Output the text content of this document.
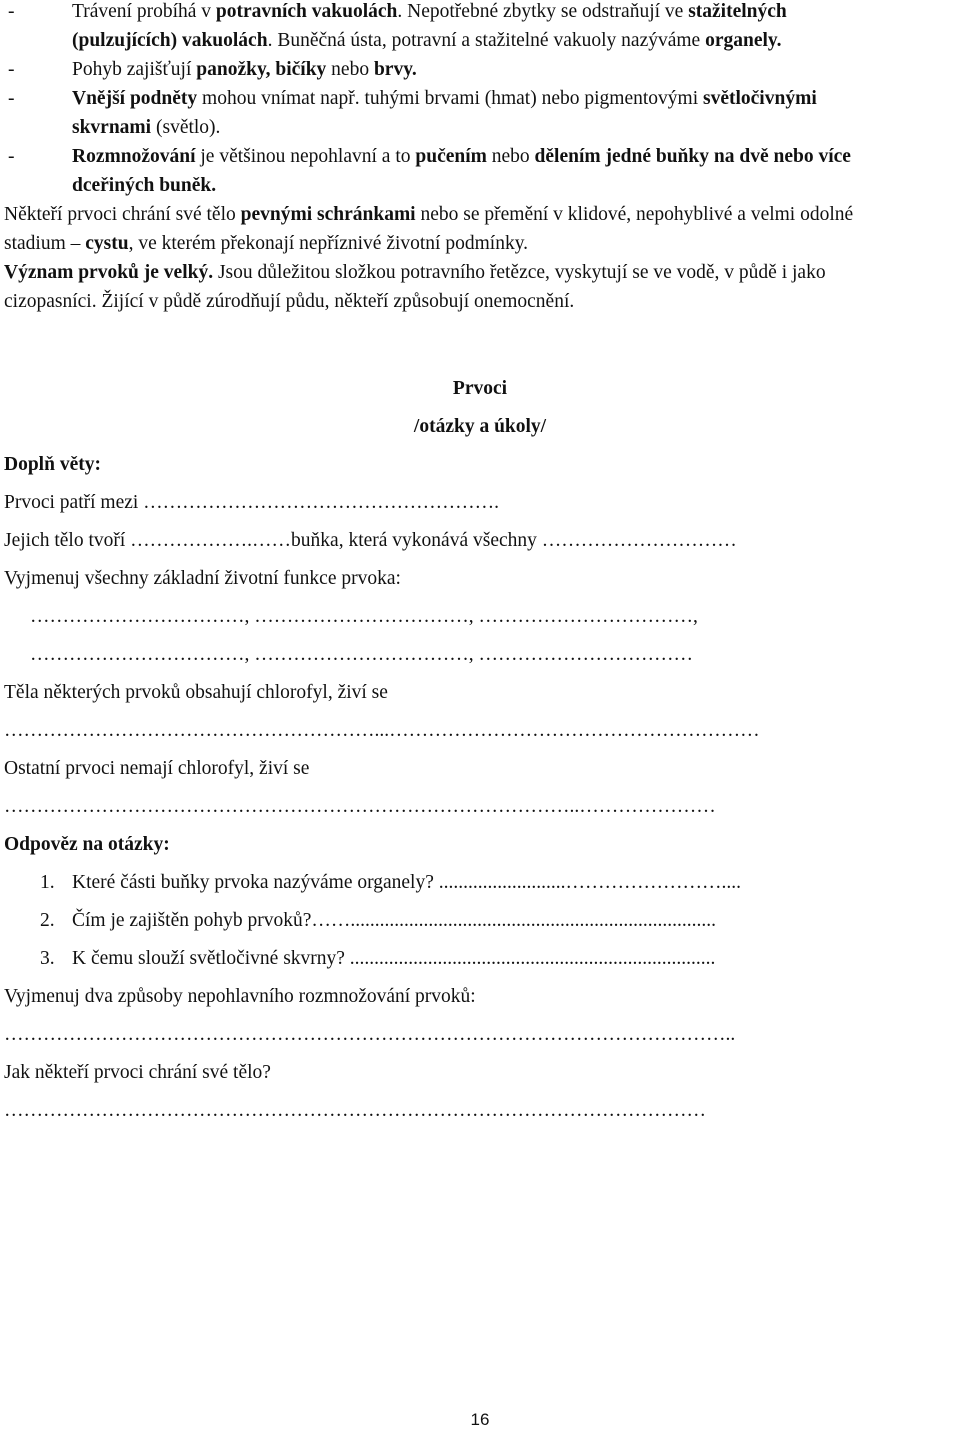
-	Trávení probíhá v potravních vakuolách. Nepotřebné zbytky se odstraňují ve stažitelných
(pulzujících) vakuolách. Buněčná ústa, potravní a stažitelné vakuoly nazýváme organely.
-	Pohyb zajišťují panožky, bičíky nebo brvy.
-	Vnější podněty mohou vnímat např. tuhými brvami (hmat) nebo pigmentovými světločivnými
skvrnami (světlo).
-	Rozmnožování je většinou nepohlavní a to pučením nebo dělením jedné buňky na dvě nebo více
dceřiných buněk.
Někteří prvoci chrání své tělo pevnými schránkami nebo se přemění v klidové, nepohyblivé a velmi odolné
stadium – cystu, ve kterém překonají nepříznivé životní podmínky.
Význam prvoků je velký. Jsou důležitou složkou potravního řetězce, vyskytují se ve vodě, v půdě i jako
cizopasníci. Žijící v půdě zúrodňují půdu, někteří způsobují onemocnění.
Prvoci
/otázky a úkoly/
Doplň věty:
Prvoci patří mezi ……………………………………………….
Jejich tělo tvoří ……………….……buňka, která vykonává všechny …………………………
Vyjmenuj všechny základní životní funkce prvoka:
……………………………, ……………………………, ……………………………,
……………………………, ……………………………, ……………………………
Těla některých prvoků obsahují chlorofyl, živí se
…………………………………………………...…………………………………………………
Ostatní prvoci nemají chlorofyl, živí se
……………………………………………………………………………..…………………
Odpověz na otázky:
1. Které části buňky prvoka nazýváme organely? ..........................……………………....
2. Čím je zajištěn pohyb prvoků?……...........................................................................
3. K čemu slouží světločivné skvrny? ...........................................................................
Vyjmenuj dva způsoby nepohlavního rozmnožování prvoků:
…………………………………………………………………………………………………..
Jak někteří prvoci chrání své tělo?
………………………………………………………………………………………………
16
